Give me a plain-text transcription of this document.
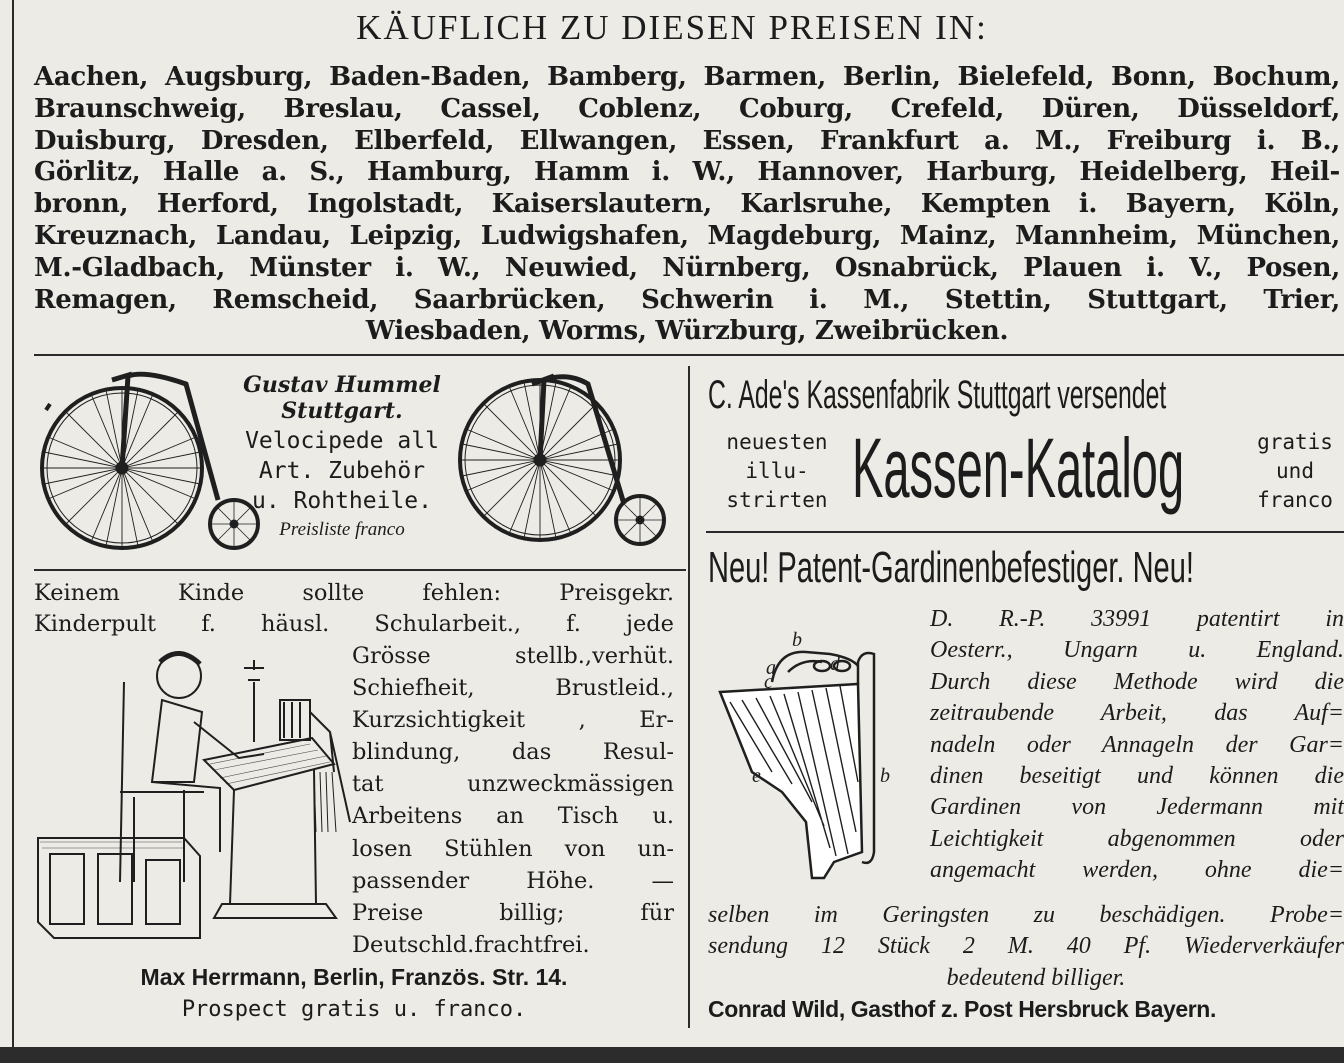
KÄUFLICH ZU DIESEN PREISEN IN:
Aachen, Augsburg, Baden-Baden, Bamberg, Barmen, Berlin, Bielefeld, Bonn, Bochum,
Braunschweig, Breslau, Cassel, Coblenz, Coburg, Crefeld, Düren, Düsseldorf,
Duisburg, Dresden, Elberfeld, Ellwangen, Essen, Frankfurt a. M., Freiburg i. B.,
Görlitz, Halle a. S., Hamburg, Hamm i. W., Hannover, Harburg, Heidelberg, Heil-
bronn, Herford, Ingolstadt, Kaiserslautern, Karlsruhe, Kempten i. Bayern, Köln,
Kreuznach, Landau, Leipzig, Ludwigshafen, Magdeburg, Mainz, Mannheim, München,
M.-Gladbach, Münster i. W., Neuwied, Nürnberg, Osnabrück, Plauen i. V., Posen,
Remagen, Remscheid, Saarbrücken, Schwerin i. M., Stettin, Stuttgart, Trier,
Wiesbaden, Worms, Würzburg, Zweibrücken.
Gustav Hummel
Stuttgart.
Velocipede all
Art. Zubehör
u. Rohtheile.
Preisliste franco
C. Ade's Kassenfabrik Stuttgart versendet
neuesten
illu-
strirten Kassen-Katalog	gratis
und
franco
Keinem Kinde sollte fehlen: Preisgekr.
Kinderpult f. häusl. Schularbeit., f. jede
Grösse stellb.,verhüt.
Schiefheit, Brustleid.,
Kurzsichtigkeit , Er-
blindung, das Resul-
tat unzweckmässigen
Arbeitens an Tisch u.
losen Stühlen von un-
passender Höhe. —
Preise billig; für
Deutschld.frachtfrei.
Max Herrmann, Berlin, Französ. Str. 14.
Prospect gratis u. franco.
Neu! Patent-Gardinenbefestiger. Neu!
b
a
c
d
e	b
D. R.-P. 33991 patentirt in
Oesterr., Ungarn u. England.
Durch diese Methode wird die
zeitraubende Arbeit, das Auf=
nadeln oder Annageln der Gar=
dinen beseitigt und können die
Gardinen von Jedermann mit
Leichtigkeit abgenommen oder
angemacht werden, ohne die=
selben im Geringsten zu beschädigen. Probe=
sendung 12 Stück 2 M. 40 Pf. Wiederverkäufer
bedeutend billiger.
Conrad Wild, Gasthof z. Post Hersbruck Bayern.
